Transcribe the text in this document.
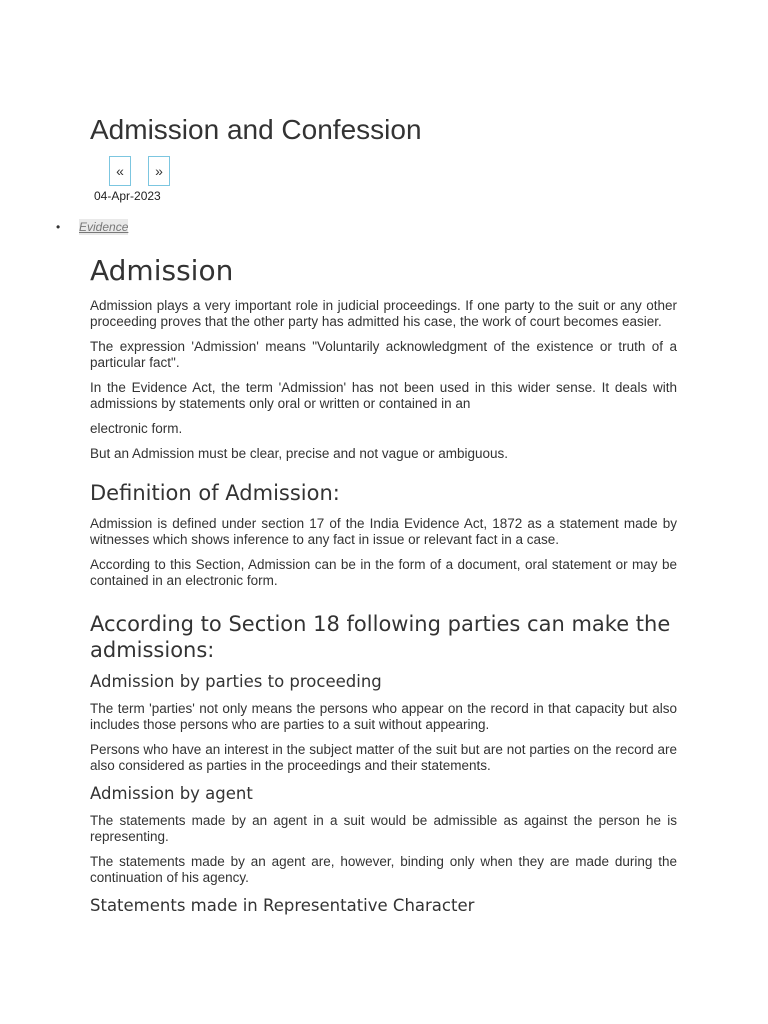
Admission and Confession
«	»
04-Apr-2023
• Evidence
Admission

Admission plays a very important role in judicial proceedings. If one party to the suit or any other proceeding proves that the other party has admitted his case, the work of court becomes easier.

The expression 'Admission' means "Voluntarily acknowledgment of the existence or truth of a particular fact".

In the Evidence Act, the term 'Admission' has not been used in this wider sense. It deals with admissions by statements only oral or written or contained in an

electronic form.

But an Admission must be clear, precise and not vague or ambiguous.

Definition of Admission:

Admission is defined under section 17 of the India Evidence Act, 1872 as a statement made by witnesses which shows inference to any fact in issue or relevant fact in a case.

According to this Section, Admission can be in the form of a document, oral statement or may be contained in an electronic form.

According to Section 18 following parties can make the admissions:
Admission by parties to proceeding

The term 'parties' not only means the persons who appear on the record in that capacity but also includes those persons who are parties to a suit without appearing.

Persons who have an interest in the subject matter of the suit but are not parties on the record are also considered as parties in the proceedings and their statements.

Admission by agent

The statements made by an agent in a suit would be admissible as against the person he is representing.

The statements made by an agent are, however, binding only when they are made during the continuation of his agency.

Statements made in Representative Character
